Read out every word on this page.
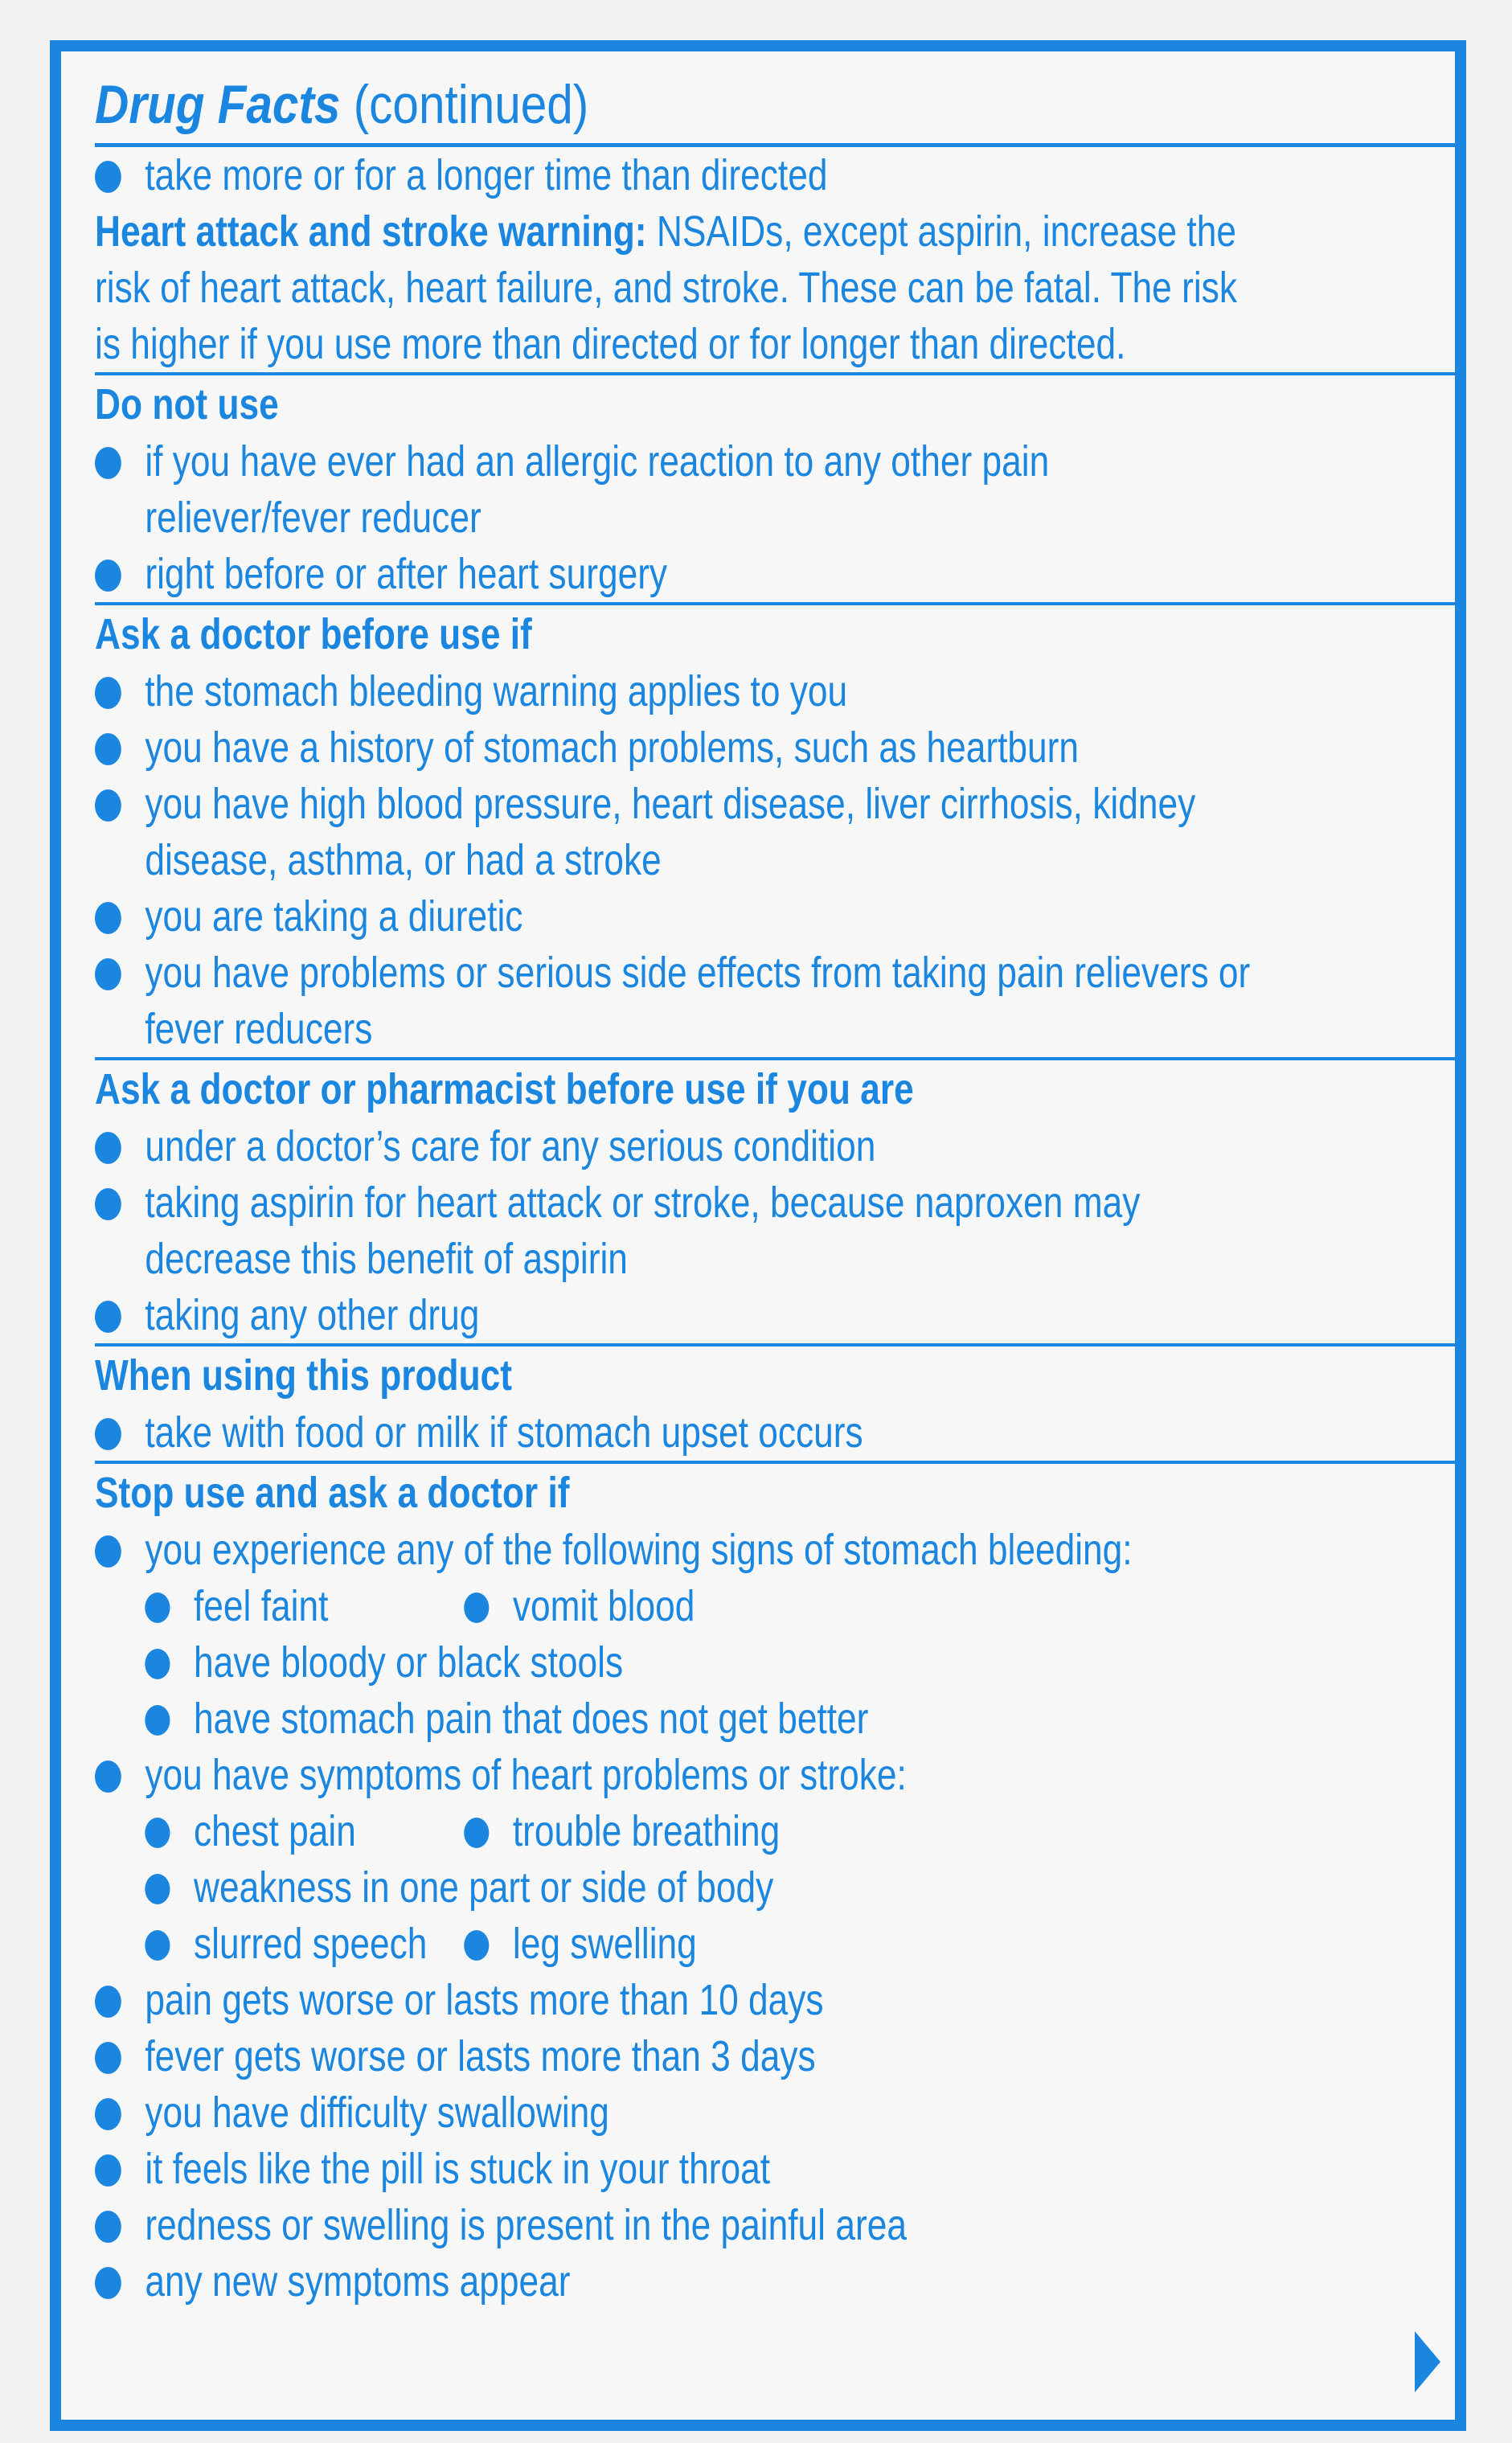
Drug Facts (continued)
take more or for a longer time than directed
Heart attack and stroke warning: NSAIDs, except aspirin, increase the
risk of heart attack, heart failure, and stroke. These can be fatal. The risk
is higher if you use more than directed or for longer than directed.
Do not use
if you have ever had an allergic reaction to any other pain
reliever/fever reducer
right before or after heart surgery
Ask a doctor before use if
the stomach bleeding warning applies to you
you have a history of stomach problems, such as heartburn
you have high blood pressure, heart disease, liver cirrhosis, kidney
disease, asthma, or had a stroke
you are taking a diuretic
you have problems or serious side effects from taking pain relievers or
fever reducers
Ask a doctor or pharmacist before use if you are
under a doctor’s care for any serious condition
taking aspirin for heart attack or stroke, because naproxen may
decrease this benefit of aspirin
taking any other drug
When using this product
take with food or milk if stomach upset occurs
Stop use and ask a doctor if
you experience any of the following signs of stomach bleeding:
feel faint	vomit blood
have bloody or black stools
have stomach pain that does not get better
you have symptoms of heart problems or stroke:
chest pain	trouble breathing
weakness in one part or side of body
slurred speech leg swelling
pain gets worse or lasts more than 10 days
fever gets worse or lasts more than 3 days
you have difficulty swallowing
it feels like the pill is stuck in your throat
redness or swelling is present in the painful area
any new symptoms appear
